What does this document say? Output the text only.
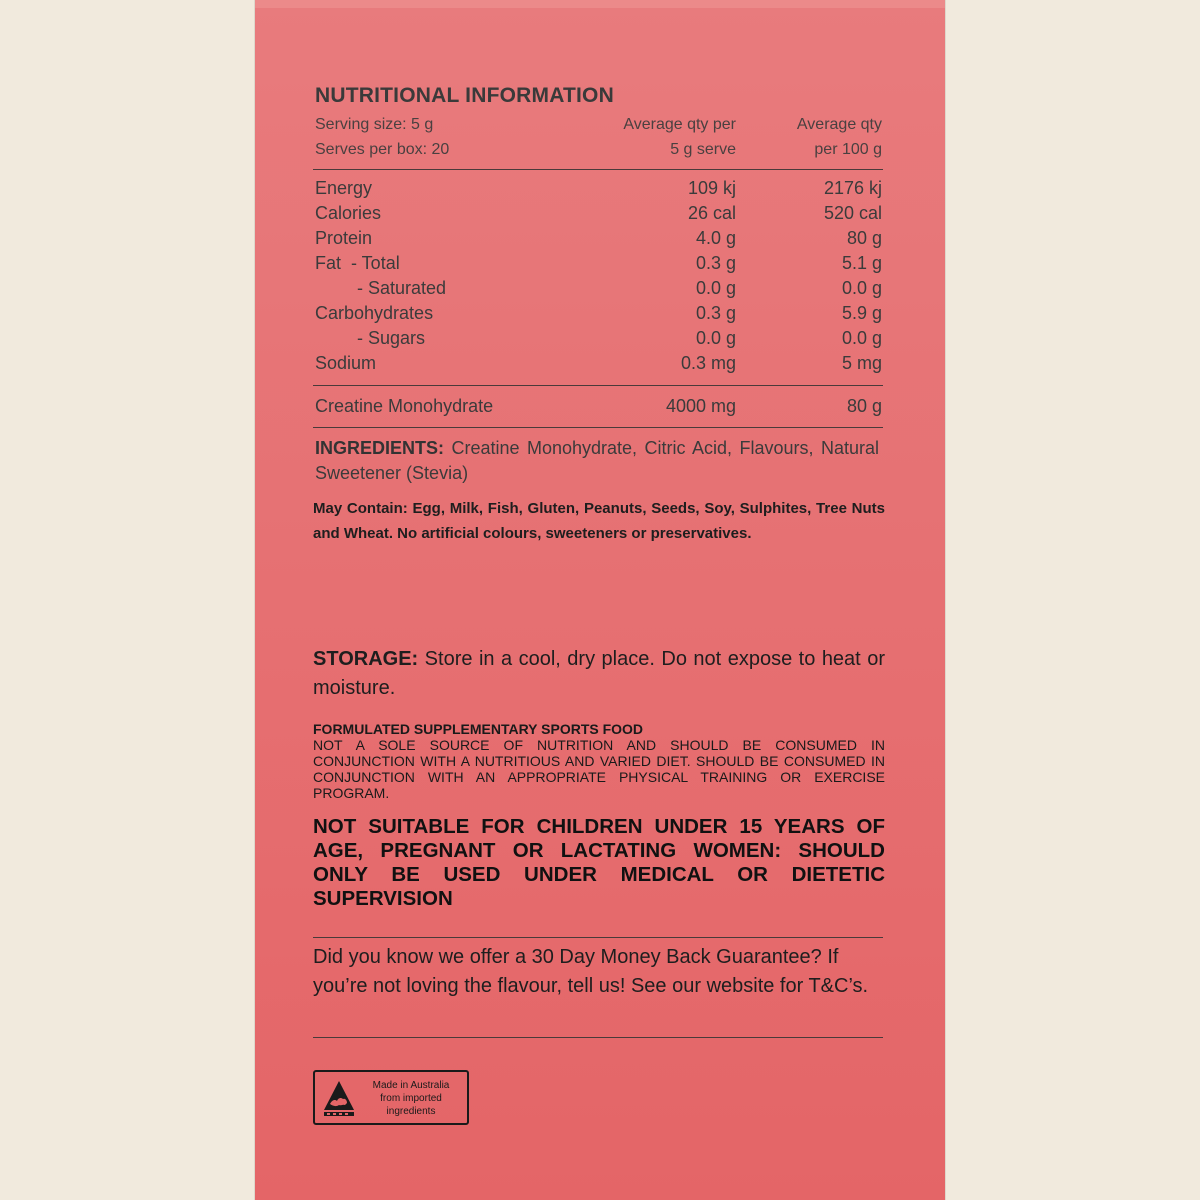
NUTRITIONAL INFORMATION
Serving size: 5 g	Average qty per	Average qty
Serves per box: 20	5 g serve	per 100 g
Energy	109 kj	2176 kj
Calories	26 cal	520 cal
Protein	4.0 g	80 g
Fat  - Total	0.3 g	5.1 g
- Saturated	0.0 g	0.0 g
Carbohydrates	0.3 g	5.9 g
- Sugars	0.0 g	0.0 g
Sodium	0.3 mg	5 mg
Creatine Monohydrate	4000 mg	80 g
INGREDIENTS: Creatine Monohydrate, Citric Acid, Flavours, Natural Sweetener (Stevia)
May Contain: Egg, Milk, Fish, Gluten, Peanuts, Seeds, Soy, Sulphites, Tree Nuts and Wheat. No artificial colours, sweeteners or preservatives.
STORAGE: Store in a cool, dry place. Do not expose to heat or moisture.
FORMULATED SUPPLEMENTARY SPORTS FOOD
NOT A SOLE SOURCE OF NUTRITION AND SHOULD BE CONSUMED IN CONJUNCTION WITH A NUTRITIOUS AND VARIED DIET. SHOULD BE CONSUMED IN CONJUNCTION WITH AN APPROPRIATE PHYSICAL TRAINING OR EXERCISE PROGRAM.
NOT SUITABLE FOR CHILDREN UNDER 15 YEARS OF AGE, PREGNANT OR LACTATING WOMEN: SHOULD ONLY BE USED UNDER MEDICAL OR DIETETIC SUPERVISION
Did you know we offer a 30 Day Money Back Guarantee? If you’re not loving the flavour, tell us! See our website for T&C’s.
Made in Australia
from imported
ingredients
